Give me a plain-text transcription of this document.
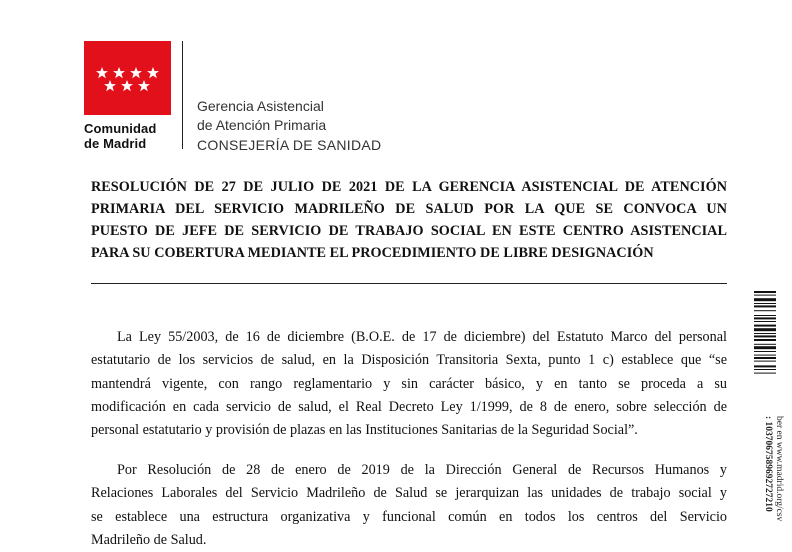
Comunidad
de Madrid
Gerencia Asistencial
de Atención Primaria
CONSEJERÍA DE SANIDAD
RESOLUCIÓN DE 27 DE JULIO DE 2021 DE LA GERENCIA ASISTENCIAL DE ATENCIÓN
PRIMARIA DEL SERVICIO MADRILEÑO DE SALUD POR LA QUE SE CONVOCA UN
PUESTO DE JEFE DE SERVICIO DE TRABAJO SOCIAL EN ESTE CENTRO ASISTENCIAL
PARA SU COBERTURA MEDIANTE EL PROCEDIMIENTO DE LIBRE DESIGNACIÓN
La Ley 55/2003, de 16 de diciembre (B.O.E. de 17 de diciembre) del Estatuto Marco del personal
estatutario de los servicios de salud, en la Disposición Transitoria Sexta, punto 1 c) establece que “se
mantendrá vigente, con rango reglamentario y sin carácter básico, y en tanto se proceda a su
modificación en cada servicio de salud, el Real Decreto Ley 1/1999, de 8 de enero, sobre selección de
personal estatutario y provisión de plazas en las Instituciones Sanitarias de la Seguridad Social”.
Por Resolución de 28 de enero de 2019 de la Dirección General de Recursos Humanos y
Relaciones Laborales del Servicio Madrileño de Salud se jerarquizan las unidades de trabajo social y
se establece una estructura organizativa y funcional común en todos los centros del Servicio
Madrileño de Salud.
ber en www.madrid.org/csv
: 1037067589692727210
